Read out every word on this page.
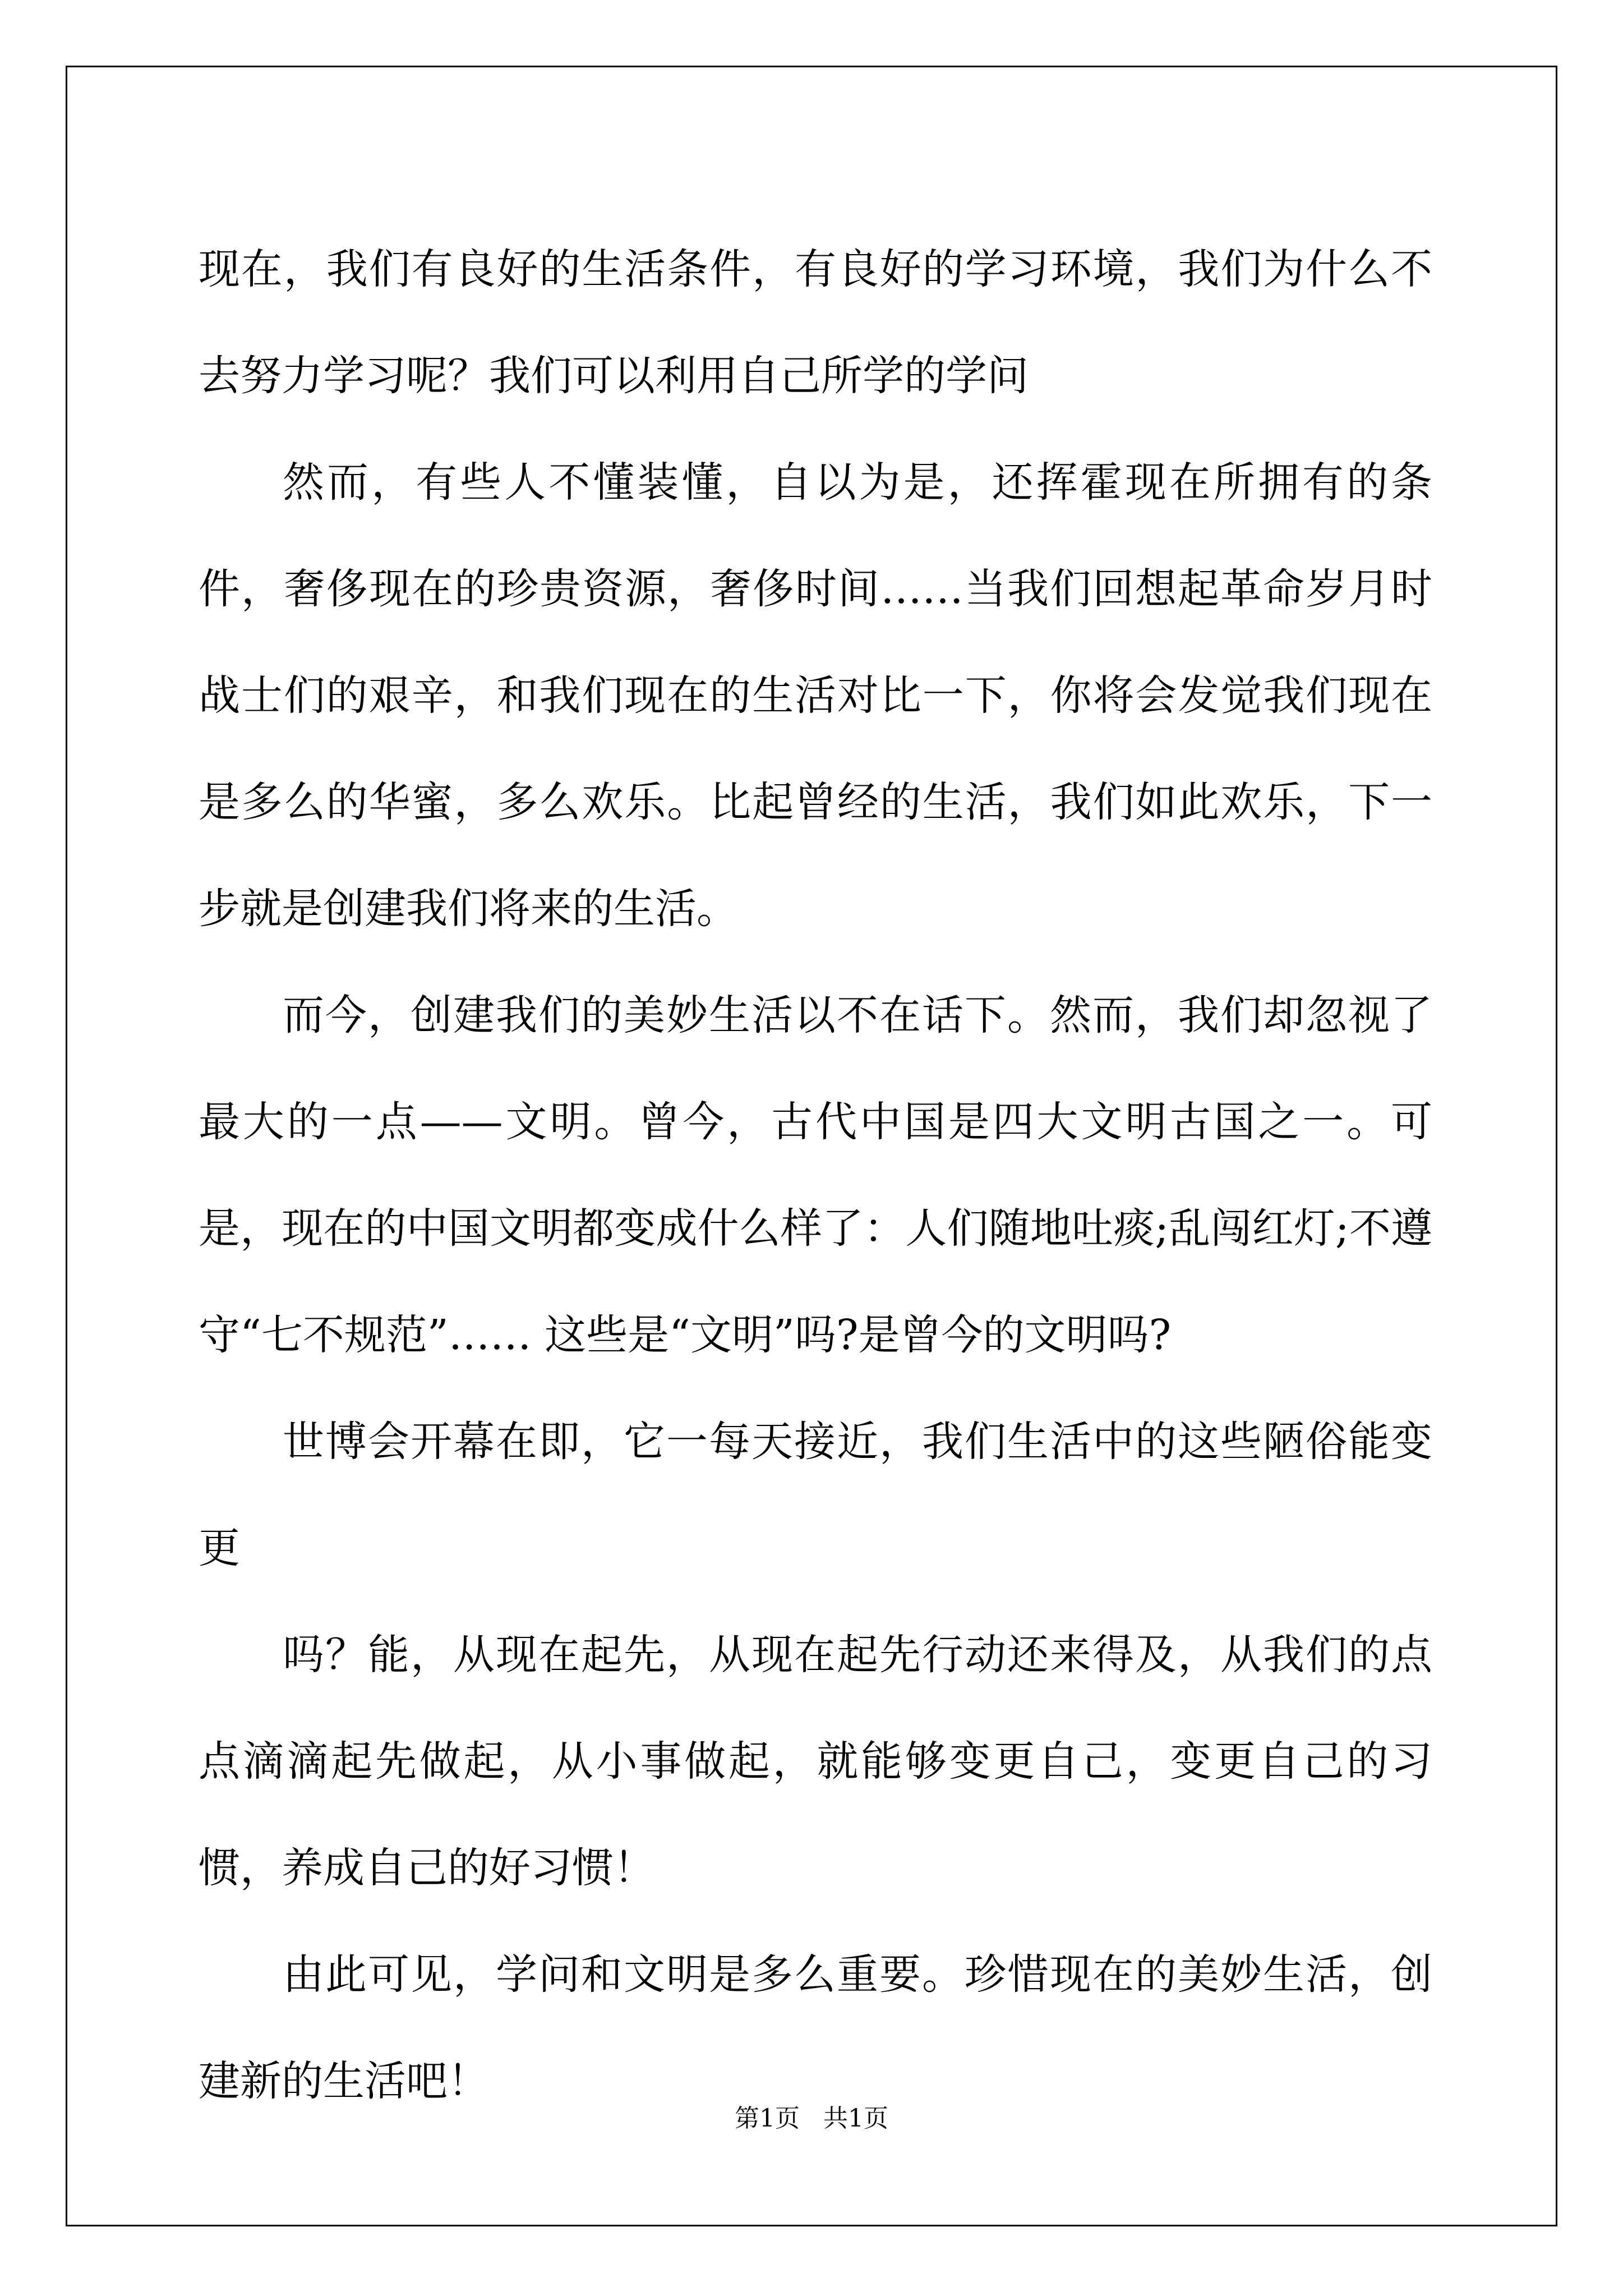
现在，我们有良好的生活条件，有良好的学习环境，我们为什么不去努力学习呢？我们可以利用自己所学的学问

然而，有些人不懂装懂，自以为是，还挥霍现在所拥有的条件，奢侈现在的珍贵资源，奢侈时间……当我们回想起革命岁月时战士们的艰辛，和我们现在的生活对比一下，你将会发觉我们现在是多么的华蜜，多么欢乐。比起曾经的生活，我们如此欢乐，下一步就是创建我们将来的生活。

而今，创建我们的美妙生活以不在话下。然而，我们却忽视了最大的一点——文明。曾今，古代中国是四大文明古国之一。可是，现在的中国文明都变成什么样了：人们随地吐痰;乱闯红灯;不遵守“七不规范”…… 这些是“文明”吗?是曾今的文明吗?

世博会开幕在即，它一每天接近，我们生活中的这些陋俗能变更

吗？能，从现在起先，从现在起先行动还来得及，从我们的点点滴滴起先做起，从小事做起，就能够变更自己，变更自己的习惯，养成自己的好习惯！

由此可见，学问和文明是多么重要。珍惜现在的美妙生活，创建新的生活吧！

第1页 共1页
